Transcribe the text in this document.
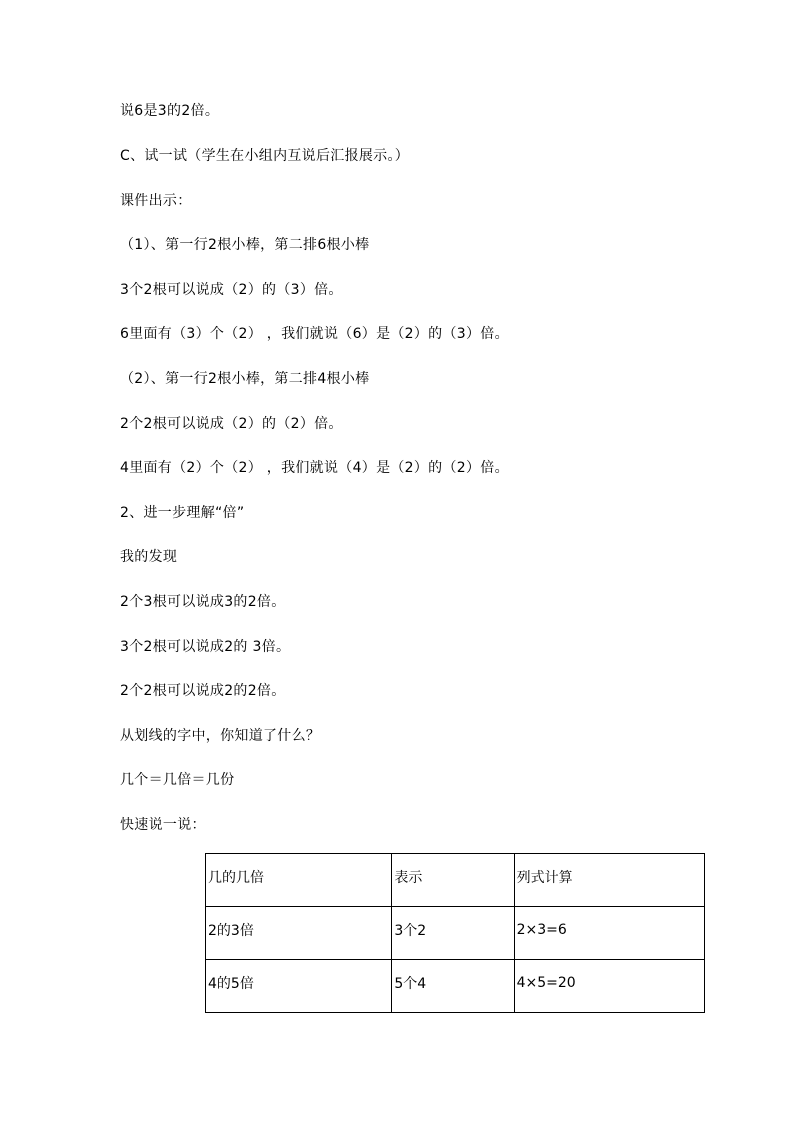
说6是3的2倍。
C、试一试（学生在小组内互说后汇报展示。）
课件出示：
（1）、第一行2根小棒，第二排6根小棒
3个2根可以说成（2）的（3）倍。
6里面有（3）个（2） ，我们就说（6）是（2）的（3）倍。
（2）、第一行2根小棒，第二排4根小棒
2个2根可以说成（2）的（2）倍。
4里面有（2）个（2） ，我们就说（4）是（2）的（2）倍。
2、进一步理解“倍”
我的发现
2个3根可以说成3的2倍。
3个2根可以说成2的 3倍。
2个2根可以说成2的2倍。
从划线的字中，你知道了什么？
几个＝几倍＝几份
快速说一说：
几的几倍	表示	列式计算
2的3倍	3个2	2×3=6
4的5倍	5个4	4×5=20
